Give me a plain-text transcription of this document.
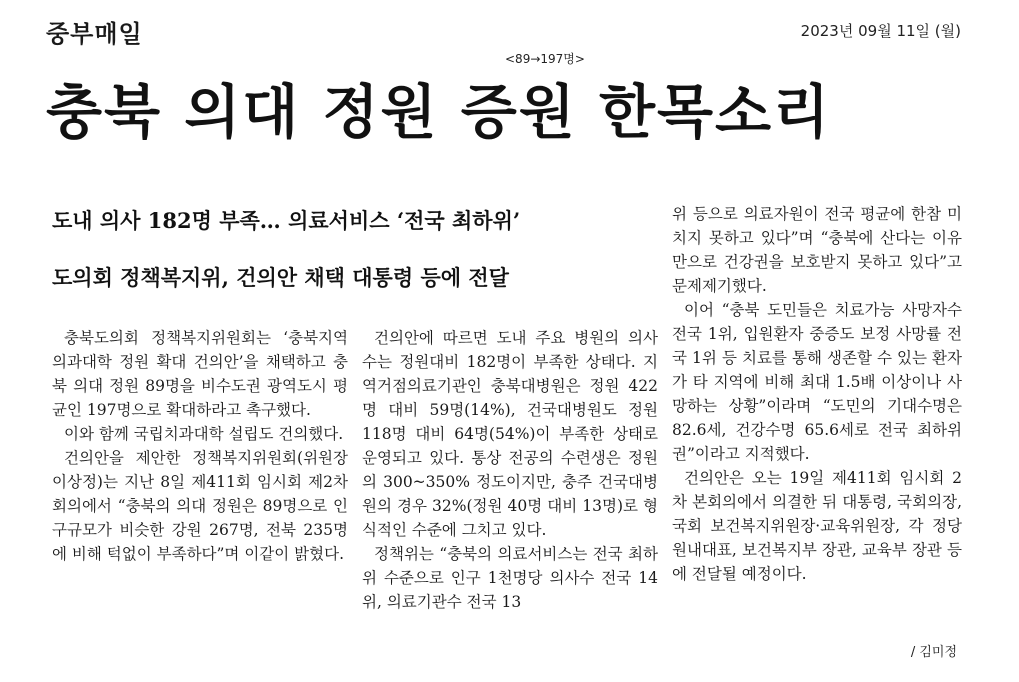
중부매일	2023년 09월 11일 (월)
<89→197명>
충북 의대 정원 증원 한목소리
도내 의사 182명 부족… 의료서비스 ‘전국 최하위’
도의회 정책복지위, 건의안 채택 대통령 등에 전달

충북도의회 정책복지위원회는 ‘충북지역 의과대학 정원 확대 건의안’을 채택하고 충북 의대 정원 89명을 비수도권 광역도시 평균인 197명으로 확대하라고 촉구했다.

이와 함께 국립치과대학 설립도 건의했다.

건의안을 제안한 정책복지위원회(위원장 이상정)는 지난 8일 제411회 임시회 제2차 회의에서 “충북의 의대 정원은 89명으로 인구규모가 비슷한 강원 267명, 전북 235명에 비해 턱없이 부족하다”며 이같이 밝혔다.

건의안에 따르면 도내 주요 병원의 의사 수는 정원대비 182명이 부족한 상태다. 지역거점의료기관인 충북대병원은 정원 422명 대비 59명(14%), 건국대병원도 정원 118명 대비 64명(54%)이 부족한 상태로 운영되고 있다. 통상 전공의 수련생은 정원의 300~350% 정도이지만, 충주 건국대병원의 경우 32%(정원 40명 대비 13명)로 형식적인 수준에 그치고 있다.

정책위는 “충북의 의료서비스는 전국 최하위 수준으로 인구 1천명당 의사수 전국 14위, 의료기관수 전국 13

위 등으로 의료자원이 전국 평균에 한참 미치지 못하고 있다”며 “충북에 산다는 이유만으로 건강권을 보호받지 못하고 있다”고 문제제기했다.

이어 “충북 도민들은 치료가능 사망자수 전국 1위, 입원환자 중증도 보정 사망률 전국 1위 등 치료를 통해 생존할 수 있는 환자가 타 지역에 비해 최대 1.5배 이상이나 사망하는 상황”이라며 “도민의 기대수명은 82.6세, 건강수명 65.6세로 전국 최하위권”이라고 지적했다.

건의안은 오는 19일 제411회 임시회 2차 본회의에서 의결한 뒤 대통령, 국회의장, 국회 보건복지위원장·교육위원장, 각 정당 원내대표, 보건복지부 장관, 교육부 장관 등에 전달될 예정이다.

/ 김미정
